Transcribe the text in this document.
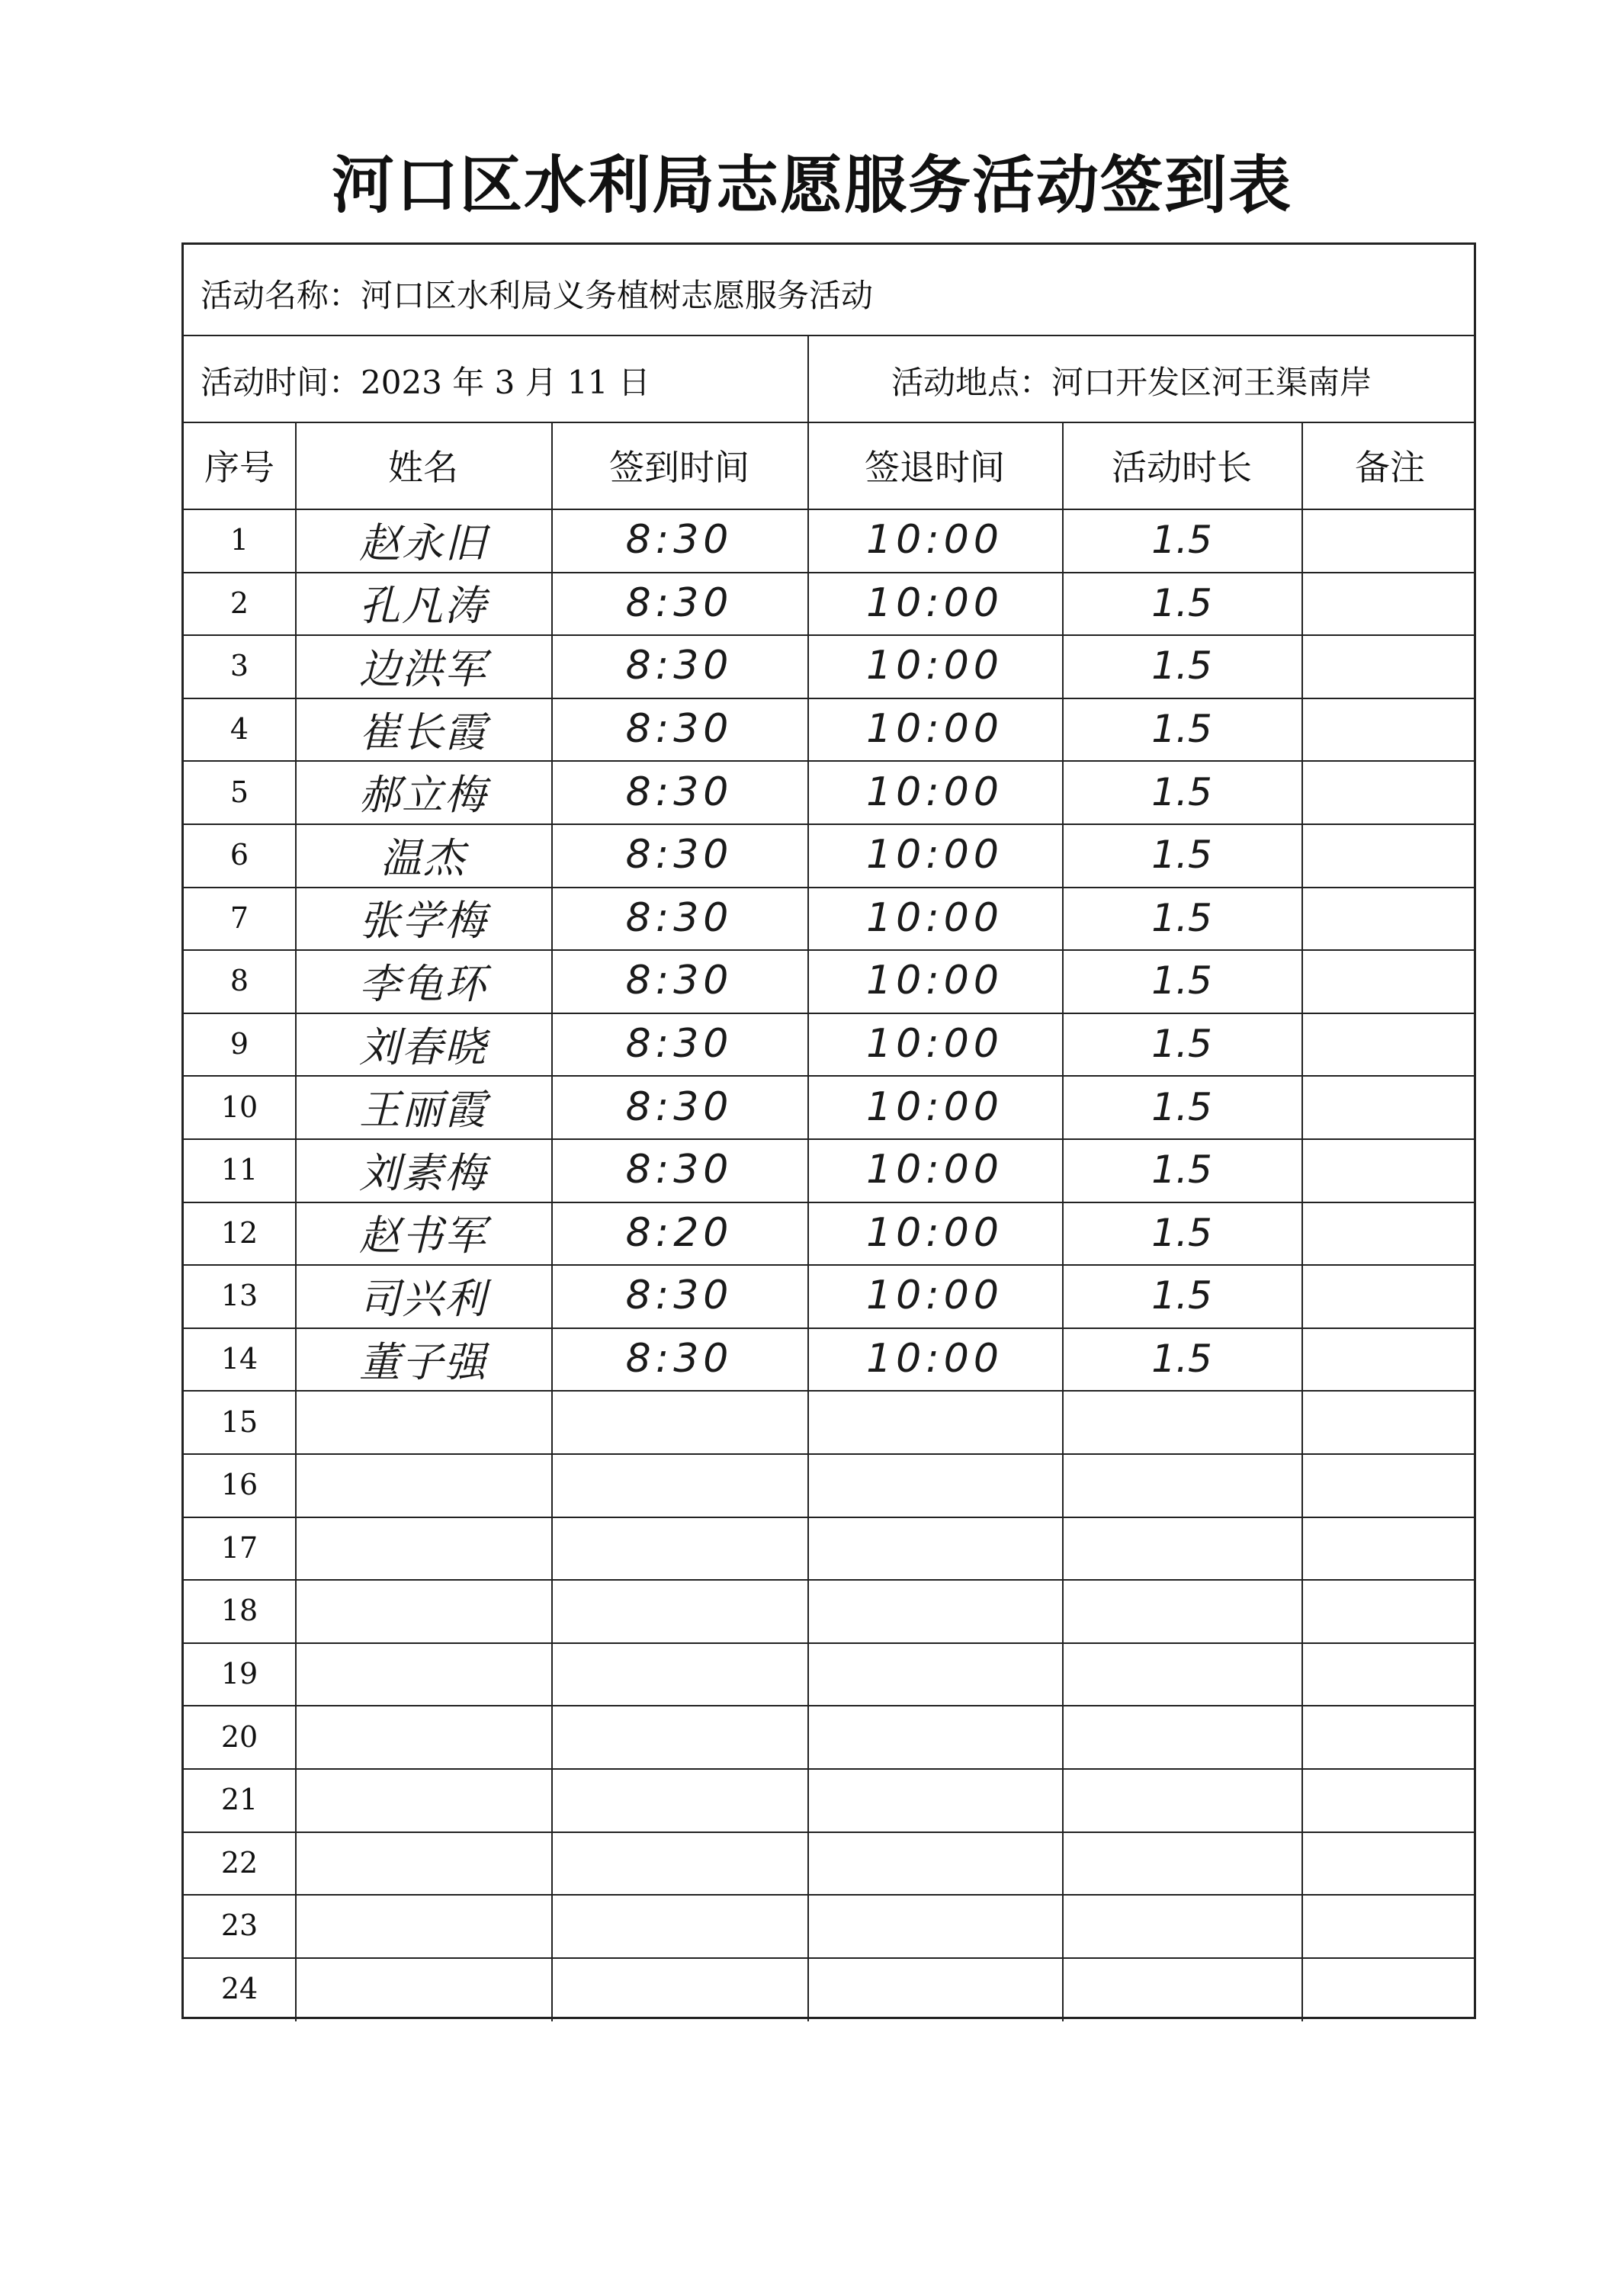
河口区水利局志愿服务活动签到表
活动名称：河口区水利局义务植树志愿服务活动
活动时间：2023 年 3 月 11 日	活动地点：河口开发区河王渠南岸
序号	姓名	签到时间	签退时间	活动时长	备注
1	赵永旧	8:30	10:00	1.5
2	孔凡涛	8:30	10:00	1.5
3	边洪军	8:30	10:00	1.5
4	崔长霞	8:30	10:00	1.5
5	郝立梅	8:30	10:00	1.5
6	温杰	8:30	10:00	1.5
7	张学梅	8:30	10:00	1.5
8	李龟环	8:30	10:00	1.5
9	刘春晓	8:30	10:00	1.5
10	王丽霞	8:30	10:00	1.5
11	刘素梅	8:30	10:00	1.5
12	赵书军	8:20	10:00	1.5
13	司兴利	8:30	10:00	1.5
14	董子强	8:30	10:00	1.5
15
16
17
18
19
20
21
22
23
24
